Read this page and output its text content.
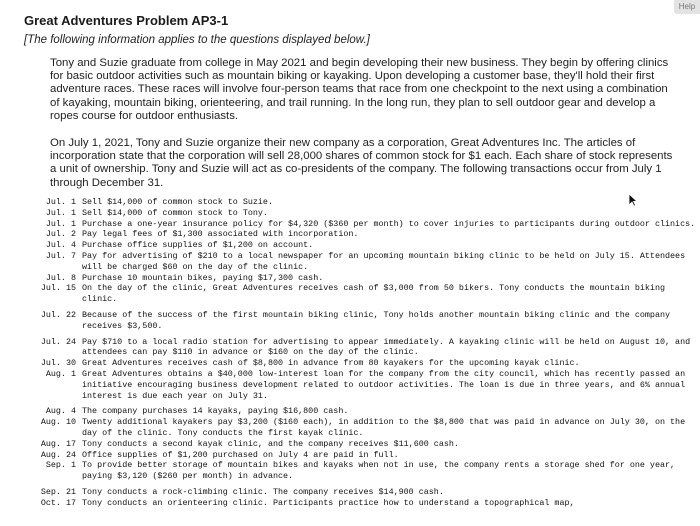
Help
Great Adventures Problem AP3-1
[The following information applies to the questions displayed below.]
Tony and Suzie graduate from college in May 2021 and begin developing their new business. They begin by offering clinics for basic outdoor activities such as mountain biking or kayaking. Upon developing a customer base, they'll hold their first adventure races. These races will involve four-person teams that race from one checkpoint to the next using a combination of kayaking, mountain biking, orienteering, and trail running. In the long run, they plan to sell outdoor gear and develop a ropes course for outdoor enthusiasts.
On July 1, 2021, Tony and Suzie organize their new company as a corporation, Great Adventures Inc. The articles of incorporation state that the corporation will sell 28,000 shares of common stock for $1 each. Each share of stock represents a unit of ownership. Tony and Suzie will act as co-presidents of the company. The following transactions occur from July 1 through December 31.
Jul. 1 Sell $14,000 of common stock to Suzie.
Jul. 1 Sell $14,000 of common stock to Tony.
Jul. 1 Purchase a one-year insurance policy for $4,320 ($360 per month) to cover injuries to participants during outdoor clinics.
Jul. 2 Pay legal fees of $1,300 associated with incorporation.
Jul. 4 Purchase office supplies of $1,200 on account.
Jul. 7 Pay for advertising of $210 to a local newspaper for an upcoming mountain biking clinic to be held on July 15. Attendees will be charged $60 on the day of the clinic.
Jul. 8 Purchase 10 mountain bikes, paying $17,300 cash.
Jul. 15 On the day of the clinic, Great Adventures receives cash of $3,000 from 50 bikers. Tony conducts the mountain biking clinic.
Jul. 22 Because of the success of the first mountain biking clinic, Tony holds another mountain biking clinic and the company receives $3,500.
Jul. 24 Pay $710 to a local radio station for advertising to appear immediately. A kayaking clinic will be held on August 10, and attendees can pay $110 in advance or $160 on the day of the clinic.
Jul. 30 Great Adventures receives cash of $8,800 in advance from 80 kayakers for the upcoming kayak clinic.
Aug. 1 Great Adventures obtains a $40,000 low-interest loan for the company from the city council, which has recently passed an initiative encouraging business development related to outdoor activities. The loan is due in three years, and 6% annual interest is due each year on July 31.
Aug. 4 The company purchases 14 kayaks, paying $16,800 cash.
Aug. 10 Twenty additional kayakers pay $3,200 ($160 each), in addition to the $8,800 that was paid in advance on July 30, on the day of the clinic. Tony conducts the first kayak clinic.
Aug. 17 Tony conducts a second kayak clinic, and the company receives $11,600 cash.
Aug. 24 Office supplies of $1,200 purchased on July 4 are paid in full.
Sep. 1 To provide better storage of mountain bikes and kayaks when not in use, the company rents a storage shed for one year, paying $3,120 ($260 per month) in advance.
Sep. 21 Tony conducts a rock-climbing clinic. The company receives $14,900 cash.
Oct. 17 Tony conducts an orienteering clinic. Participants practice how to understand a topographical map,
